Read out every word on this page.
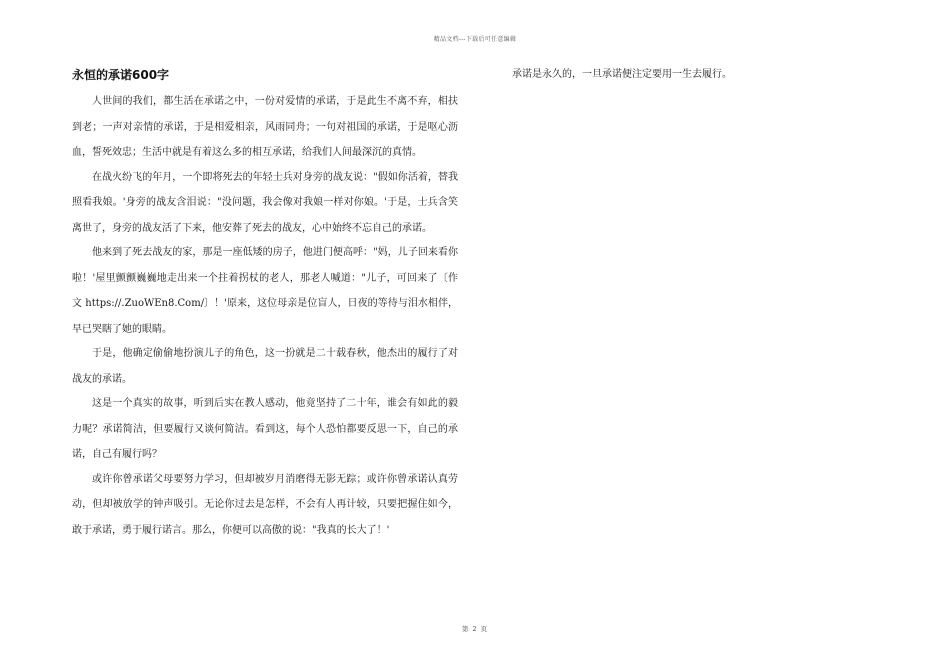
精品文档---下载后可任意编辑
永恒的承诺600字

人世间的我们，都生活在承诺之中，一份对爱情的承诺，于是此生不离不弃，相扶到老；一声对亲情的承诺，于是相爱相亲，风雨同舟；一句对祖国的承诺，于是呕心沥血，誓死效忠；生活中就是有着这么多的相互承诺，给我们人间最深沉的真情。

在战火纷飞的年月，一个即将死去的年轻士兵对身旁的战友说："假如你活着，替我照看我娘。'身旁的战友含泪说："没问题，我会像对我娘一样对你娘。'于是，士兵含笑离世了，身旁的战友活了下来，他安葬了死去的战友，心中始终不忘自己的承诺。

他来到了死去战友的家，那是一座低矮的房子，他进门便高呼："妈，儿子回来看你啦！'屋里颤颤巍巍地走出来一个拄着拐杖的老人，那老人喊道："儿子，可回来了〔作文 https://.ZuoWEn8.Com/〕！'原来，这位母亲是位盲人，日夜的等待与泪水相伴，早已哭瞎了她的眼睛。

于是，他确定偷偷地扮演儿子的角色，这一扮就是二十载春秋，他杰出的履行了对战友的承诺。

这是一个真实的故事，听到后实在教人感动，他竟坚持了二十年，谁会有如此的毅力呢？承诺简洁，但要履行又谈何简洁。看到这，每个人恐怕都要反思一下，自己的承诺，自己有履行吗？

或许你曾承诺父母要努力学习，但却被岁月消磨得无影无踪；或许你曾承诺认真劳动，但却被放学的钟声吸引。无论你过去是怎样，不会有人再计较，只要把握住如今，敢于承诺，勇于履行诺言。那么，你便可以高傲的说："我真的长大了！'

承诺是永久的，一旦承诺便注定要用一生去履行。

第 2 页
